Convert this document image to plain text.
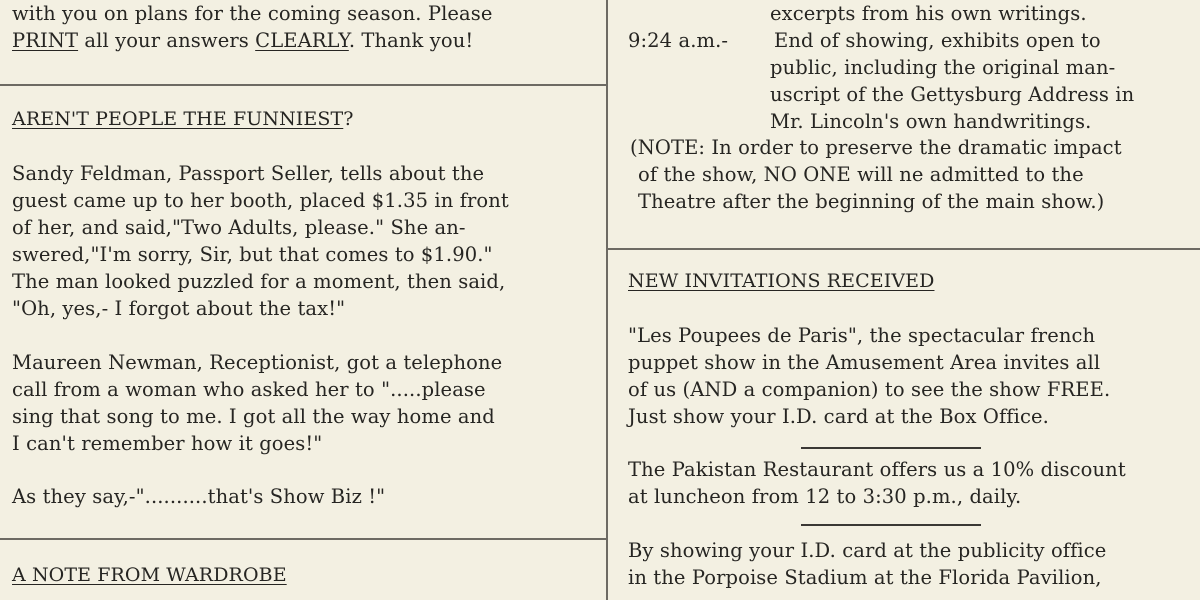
with you on plans for the coming season. Please
PRINT all your answers CLEARLY. Thank you!
AREN'T PEOPLE THE FUNNIEST?
Sandy Feldman, Passport Seller, tells about the
guest came up to her booth, placed $1.35 in front
of her, and said,"Two Adults, please." She an-
swered,"I'm sorry, Sir, but that comes to $1.90."
The man looked puzzled for a moment, then said,
"Oh, yes,- I forgot about the tax!"
Maureen Newman, Receptionist, got a telephone
call from a woman who asked her to ".....please
sing that song to me. I got all the way home and
I can't remember how it goes!"
As they say,-"..........that's Show Biz !"
A NOTE FROM WARDROBE
excerpts from his own writings.
9:24 a.m.- End of showing, exhibits open to
public, including the original man-
uscript of the Gettysburg Address in
Mr. Lincoln's own handwritings.
(NOTE: In order to preserve the dramatic impact
of the show, NO ONE will ne admitted to the
Theatre after the beginning of the main show.)
NEW INVITATIONS RECEIVED
"Les Poupees de Paris", the spectacular french
puppet show in the Amusement Area invites all
of us (AND a companion) to see the show FREE.
Just show your I.D. card at the Box Office.
The Pakistan Restaurant offers us a 10% discount
at luncheon from 12 to 3:30 p.m., daily.
By showing your I.D. card at the publicity office
in the Porpoise Stadium at the Florida Pavilion,
